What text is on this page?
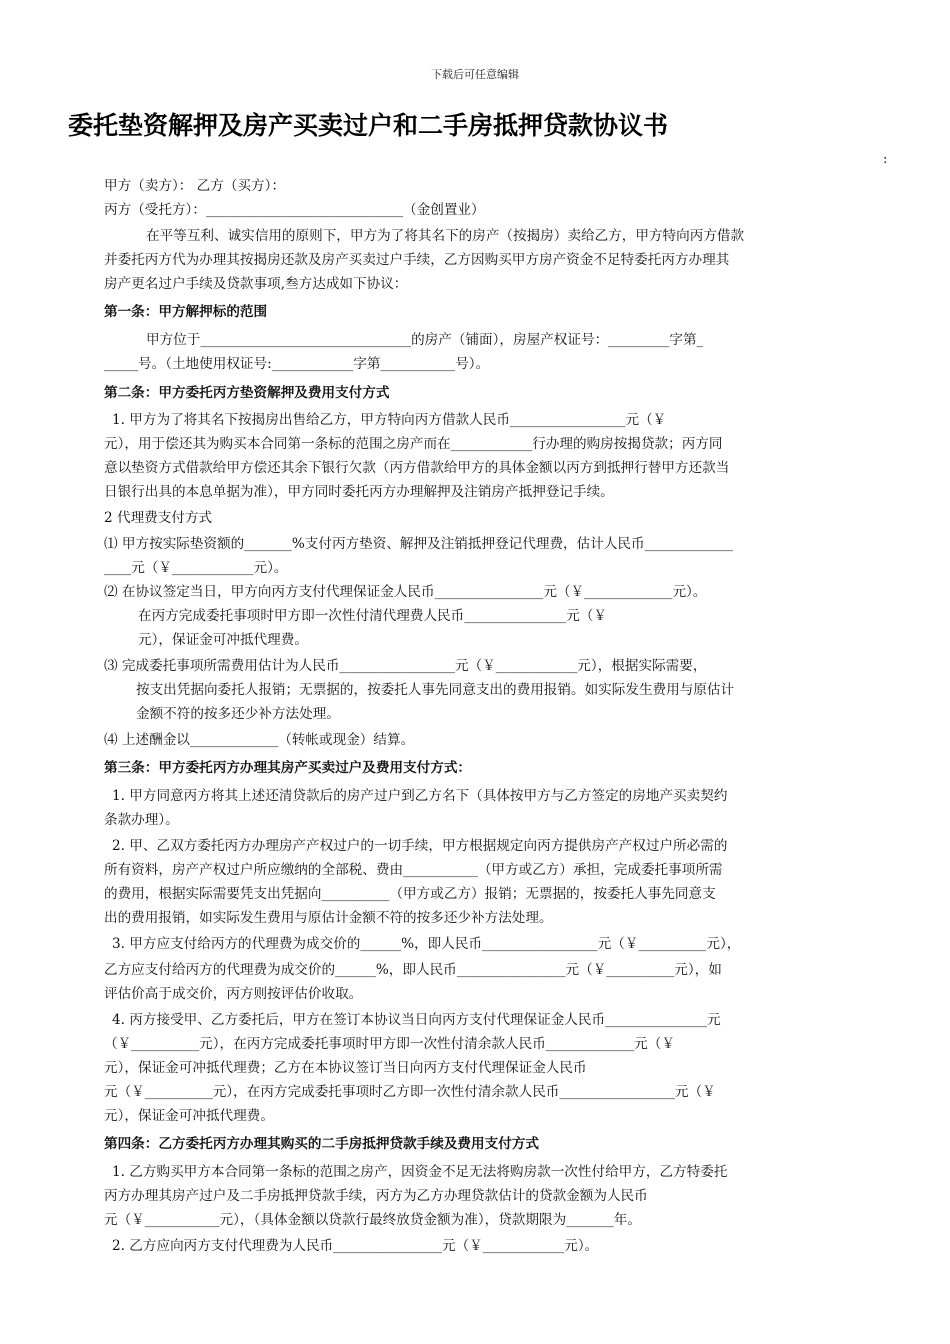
下载后可任意编辑
委托垫资解押及房产买卖过户和二手房抵押贷款协议书
:
甲方（卖方）： 乙方（买方）：
丙方（受托方）：_____________________________（金创置业）
在平等互利、诚实信用的原则下，甲方为了将其名下的房产（按揭房）卖给乙方，甲方特向丙方借款
并委托丙方代为办理其按揭房还款及房产买卖过户手续，乙方因购买甲方房产资金不足特委托丙方办理其
房产更名过户手续及贷款事项,叁方达成如下协议：
第一条：甲方解押标的范围
甲方位于_______________________________的房产（铺面），房屋产权证号：_________字第_
_____号。（土地使用权证号:____________字第___________号）。
第二条：甲方委托丙方垫资解押及费用支付方式
1. 甲方为了将其名下按揭房出售给乙方，甲方特向丙方借款人民币_________________元（￥
元），用于偿还其为购买本合同第一条标的范围之房产而在____________行办理的购房按揭贷款；丙方同
意以垫资方式借款给甲方偿还其余下银行欠款（丙方借款给甲方的具体金额以丙方到抵押行替甲方还款当
日银行出具的本息单据为准），甲方同时委托丙方办理解押及注销房产抵押登记手续。
2 代理费支付方式
⑴ 甲方按实际垫资额的_______%支付丙方垫资、解押及注销抵押登记代理费，估计人民币_____________
____元（￥____________元）。
⑵ 在协议签定当日，甲方向丙方支付代理保证金人民币________________元（￥_____________元）。
在丙方完成委托事项时甲方即一次性付清代理费人民币_______________元（￥
元），保证金可冲抵代理费。
⑶ 完成委托事项所需费用估计为人民币_________________元（￥____________元），根据实际需要，
按支出凭据向委托人报销；无票据的，按委托人事先同意支出的费用报销。如实际发生费用与原估计
金额不符的按多还少补方法处理。
⑷ 上述酬金以_____________（转帐或现金）结算。
第三条：甲方委托丙方办理其房产买卖过户及费用支付方式：
1. 甲方同意丙方将其上述还清贷款后的房产过户到乙方名下（具体按甲方与乙方签定的房地产买卖契约
条款办理）。
2. 甲、乙双方委托丙方办理房产产权过户的一切手续，甲方根据规定向丙方提供房产产权过户所必需的
所有资料，房产产权过户所应缴纳的全部税、费由___________（甲方或乙方）承担，完成委托事项所需
的费用，根据实际需要凭支出凭据向__________（甲方或乙方）报销；无票据的，按委托人事先同意支
出的费用报销，如实际发生费用与原估计金额不符的按多还少补方法处理。
3. 甲方应支付给丙方的代理费为成交价的______%，即人民币_________________元（￥__________元），
乙方应支付给丙方的代理费为成交价的______%，即人民币________________元（￥__________元），如
评估价高于成交价，丙方则按评估价收取。
4. 丙方接受甲、乙方委托后，甲方在签订本协议当日向丙方支付代理保证金人民币_______________元
（￥__________元），在丙方完成委托事项时甲方即一次性付清余款人民币_____________元（￥
元），保证金可冲抵代理费；乙方在本协议签订当日向丙方支付代理保证金人民币
元（￥__________元），在丙方完成委托事项时乙方即一次性付清余款人民币_________________元（￥
元），保证金可冲抵代理费。
第四条：乙方委托丙方办理其购买的二手房抵押贷款手续及费用支付方式
1. 乙方购买甲方本合同第一条标的范围之房产，因资金不足无法将购房款一次性付给甲方，乙方特委托
丙方办理其房产过户及二手房抵押贷款手续，丙方为乙方办理贷款估计的贷款金额为人民币
元（￥___________元），（具体金额以贷款行最终放贷金额为准），贷款期限为_______年。
2. 乙方应向丙方支付代理费为人民币________________元（￥____________元）。
